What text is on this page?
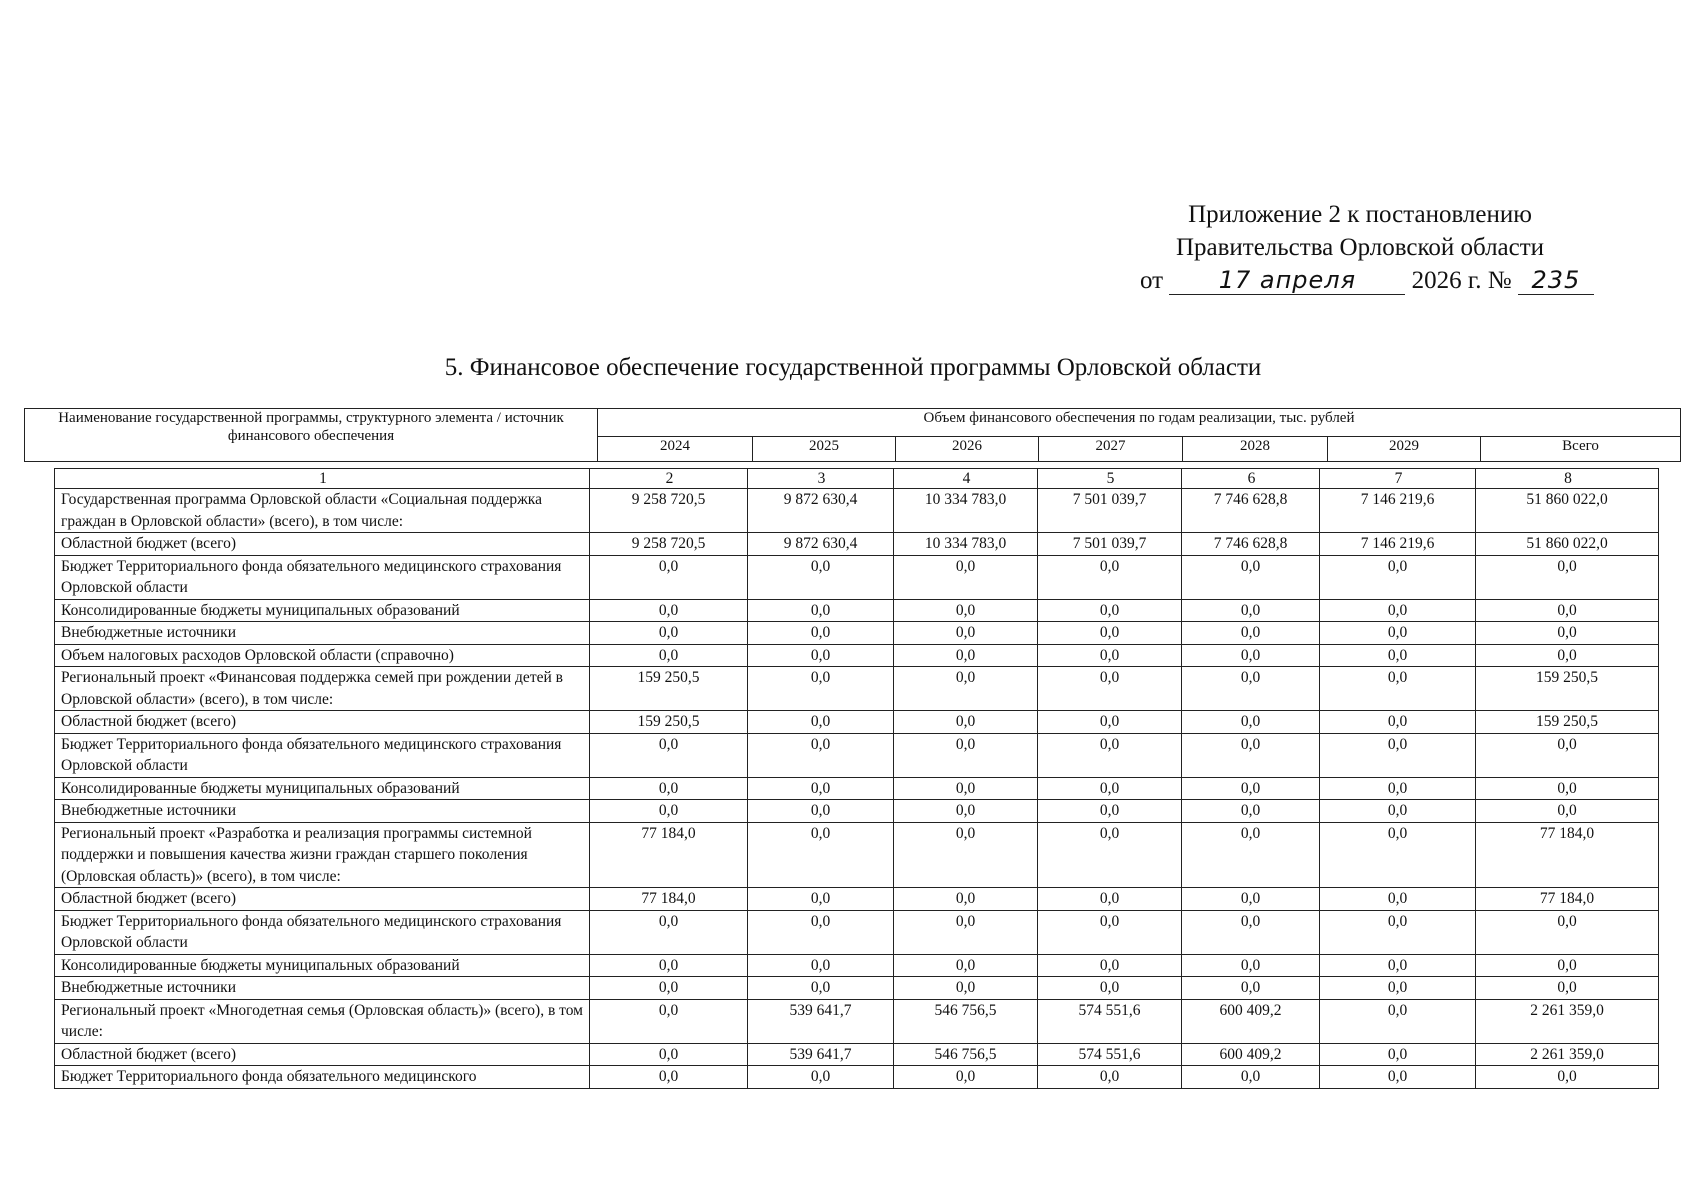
Приложение 2 к постановлению
Правительства Орловской области
от 17 апреля 2026 г. № 235
5. Финансовое обеспечение государственной программы Орловской области
Наименование государственной программы, структурного элемента / источник финансового обеспечения	Объем финансового обеспечения по годам реализации, тыс. рублей						
	2024	2025	2026	2027	2028	2029	Всего
1	2	3	4	5	6	7	8
Государственная программа Орловской области «Социальная поддержка граждан в Орловской области» (всего), в том числе:	9 258 720,5	9 872 630,4	10 334 783,0	7 501 039,7	7 746 628,8	7 146 219,6	51 860 022,0
Областной бюджет (всего)	9 258 720,5	9 872 630,4	10 334 783,0	7 501 039,7	7 746 628,8	7 146 219,6	51 860 022,0
Бюджет Территориального фонда обязательного медицинского страхования Орловской области	0,0	0,0	0,0	0,0	0,0	0,0	0,0
Консолидированные бюджеты муниципальных образований	0,0	0,0	0,0	0,0	0,0	0,0	0,0
Внебюджетные источники	0,0	0,0	0,0	0,0	0,0	0,0	0,0
Объем налоговых расходов Орловской области (справочно)	0,0	0,0	0,0	0,0	0,0	0,0	0,0
Региональный проект «Финансовая поддержка семей при рождении детей в Орловской области» (всего), в том числе:	159 250,5	0,0	0,0	0,0	0,0	0,0	159 250,5
Областной бюджет (всего)	159 250,5	0,0	0,0	0,0	0,0	0,0	159 250,5
Бюджет Территориального фонда обязательного медицинского страхования Орловской области	0,0	0,0	0,0	0,0	0,0	0,0	0,0
Консолидированные бюджеты муниципальных образований	0,0	0,0	0,0	0,0	0,0	0,0	0,0
Внебюджетные источники	0,0	0,0	0,0	0,0	0,0	0,0	0,0
Региональный проект «Разработка и реализация программы системной поддержки и повышения качества жизни граждан старшего поколения (Орловская область)» (всего), в том числе:	77 184,0	0,0	0,0	0,0	0,0	0,0	77 184,0
Областной бюджет (всего)	77 184,0	0,0	0,0	0,0	0,0	0,0	77 184,0
Бюджет Территориального фонда обязательного медицинского страхования Орловской области	0,0	0,0	0,0	0,0	0,0	0,0	0,0
Консолидированные бюджеты муниципальных образований	0,0	0,0	0,0	0,0	0,0	0,0	0,0
Внебюджетные источники	0,0	0,0	0,0	0,0	0,0	0,0	0,0
Региональный проект «Многодетная семья (Орловская область)» (всего), в том числе:	0,0	539 641,7	546 756,5	574 551,6	600 409,2	0,0	2 261 359,0
Областной бюджет (всего)	0,0	539 641,7	546 756,5	574 551,6	600 409,2	0,0	2 261 359,0
Бюджет Территориального фонда обязательного медицинского	0,0	0,0	0,0	0,0	0,0	0,0	0,0
